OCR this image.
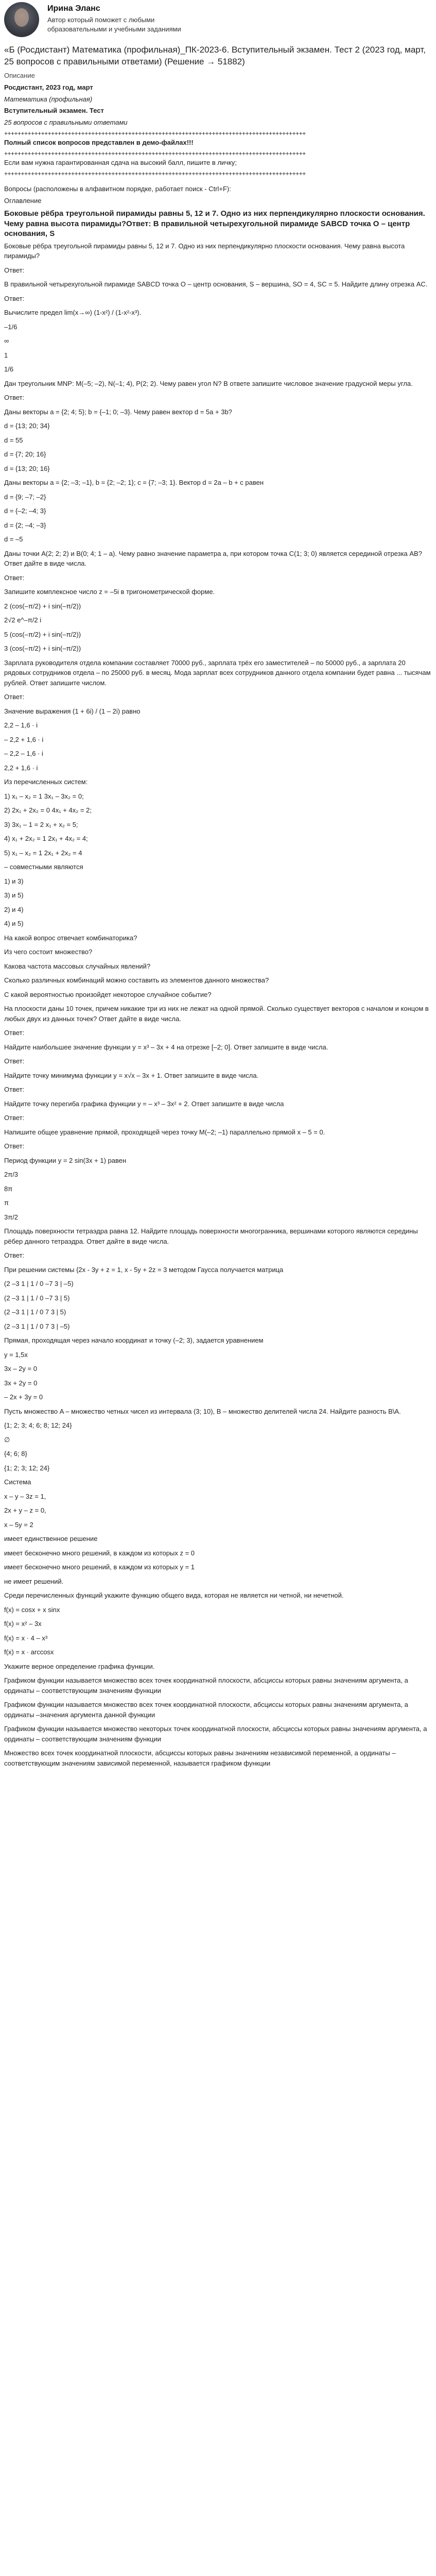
Ирина Эланс
Автор который поможет с любыми образовательными и учебными заданиями
«Б (Росдистант) Математика (профильная)_ПК-2023-6. Вступительный экзамен. Тест 2 (2023 год, март, 25 вопросов с правильными ответами) (Решение → 51882)
Описание
Росдистант, 2023 год, март
Математика (профильная)
Вступительный экзамен. Тест
25 вопросов с правильными ответами
++++++++++++++++++++++++++++++++++++++++++++++++++++++++++++++++++++++++++++++++++++++++++
Полный список вопросов представлен в демо-файлах!!!
++++++++++++++++++++++++++++++++++++++++++++++++++++++++++++++++++++++++++++++++++++++++++
Если вам нужна гарантированная сдача на высокий балл, пишите в личку;
++++++++++++++++++++++++++++++++++++++++++++++++++++++++++++++++++++++++++++++++++++++++++
Вопросы (расположены в алфавитном порядке, работает поиск - Ctrl+F):
Оглавление
Боковые рёбра треугольной пирамиды равны 5, 12 и 7. Одно из них перпендикулярно плоскости основания. Чему равна высота пирамиды?Ответ: В правильной четырехугольной пирамиде SABCD точка O – центр основания, S
Боковые рёбра треугольной пирамиды равны 5, 12 и 7. Одно из них перпендикулярно плоскости основания. Чему равна высота пирамиды?
Ответ:
В правильной четырехугольной пирамиде SABCD точка O – центр основания, S – вершина, SO = 4, SC = 5. Найдите длину отрезка AC.
Ответ:
Вычислите предел lim(x→∞) (1-x²) / (1-x²-x³).
–1/6
∞
1
1/6
Дан треугольник MNP: M(–5; –2), N(–1; 4), P(2; 2). Чему равен угол N? В ответе запишите числовое значение градусной меры угла.
Ответ:
Даны векторы a = {2; 4; 5}; b = {–1; 0; –3}. Чему равен вектор d = 5a + 3b?
d = {13; 20; 34}
d = 55
d = {7; 20; 16}
d = {13; 20; 16}
Даны векторы a = {2; –3; –1}, b = {2; –2; 1}; c = {7; –3; 1}. Вектор d = 2a – b + c равен
d = {9; –7; –2}
d = {–2; –4; 3}
d = {2; –4; –3}
d = –5
Даны точки A(2; 2; 2) и B(0; 4; 1 – a). Чему равно значение параметра a, при котором точка C(1; 3; 0) является серединой отрезка AB? Ответ дайте в виде числа.
Ответ:
Запишите комплексное число z = –5i в тригонометрической форме.
2 (cos(–π/2) + i sin(–π/2))
2√2 e^–π/2 i
5 (cos(–π/2) + i sin(–π/2))
3 (cos(–π/2) + i sin(–π/2))
Зарплата руководителя отдела компании составляет 70000 руб., зарплата трёх его заместителей – по 50000 руб., а зарплата 20 рядовых сотрудников отдела – по 25000 руб. в месяц. Мода зарплат всех сотрудников данного отдела компании будет равна ... тысячам рублей. Ответ запишите числом.
Ответ:
Значение выражения (1 + 6i) / (1 – 2i) равно
2,2 – 1,6 · i
– 2,2 + 1,6 · i
– 2,2 – 1,6 · i
2,2 + 1,6 · i
Из перечисленных систем:
1) x₁ – x₂ = 1 3x₁ – 3x₂ = 0;
2) 2x₁ + 2x₂ = 0 4x₁ + 4x₂ = 2;
3) 3x₁ – 1 = 2 x₁ + x₂ = 5;
4) x₁ + 2x₂ = 1 2x₁ + 4x₂ = 4;
5) x₁ – x₂ = 1 2x₁ + 2x₂ = 4
– совместными являются
1) и 3)
3) и 5)
2) и 4)
4) и 5)
На какой вопрос отвечает комбинаторика?
Из чего состоит множество?
Какова частота массовых случайных явлений?
Сколько различных комбинаций можно составить из элементов данного множества?
С какой вероятностью произойдет некоторое случайное событие?
На плоскости даны 10 точек, причем никакие три из них не лежат на одной прямой. Сколько существует векторов с началом и концом в любых двух из данных точек? Ответ дайте в виде числа.
Ответ:
Найдите наибольшее значение функции y = x³ – 3x + 4 на отрезке [–2; 0]. Ответ запишите в виде числа.
Ответ:
Найдите точку минимума функции y = x√x – 3x + 1. Ответ запишите в виде числа.
Ответ:
Найдите точку перегиба графика функции y = – x³ – 3x² + 2. Ответ запишите в виде числа
Ответ:
Напишите общее уравнение прямой, проходящей через точку M(–2; –1) параллельно прямой x – 5 = 0.
Ответ:
Период функции y = 2 sin(3x + 1) равен
2π/3
8π
π
3π/2
Площадь поверхности тетраэдра равна 12. Найдите площадь поверхности многогранника, вершинами которого являются середины рёбер данного тетраэдра. Ответ дайте в виде числа.
Ответ:
При решении системы {2x - 3y + z = 1, x - 5y + 2z = 3 методом Гаусса получается матрица
(2 –3 1 | 1 / 0 –7 3 | –5)
(2 –3 1 | 1 / 0 –7 3 | 5)
(2 –3 1 | 1 / 0 7 3 | 5)
(2 –3 1 | 1 / 0 7 3 | –5)
Прямая, проходящая через начало координат и точку (–2; 3), задается уравнением
y = 1,5x
3x – 2y = 0
3x + 2y = 0
– 2x + 3y = 0
Пусть множество A – множество четных чисел из интервала (3; 10), B – множество делителей числа 24. Найдите разность B\A.
{1; 2; 3; 4; 6; 8; 12; 24}
∅
{4; 6; 8}
{1; 2; 3; 12; 24}
Система
x – y – 3z = 1,
2x + y – z = 0,
x – 5y = 2
имеет единственное решение
имеет бесконечно много решений, в каждом из которых z = 0
имеет бесконечно много решений, в каждом из которых y = 1
не имеет решений.
Среди перечисленных функций укажите функцию общего вида, которая не является ни четной, ни нечетной.
f(x) = cosx + x sinx
f(x) = x² – 3x
f(x) = x · 4 – x³
f(x) = x · arccosx
Укажите верное определение графика функции.
Графиком функции называется множество всех точек координатной плоскости, абсциссы которых равны значениям аргумента, а ординаты – соответствующим значениям функции
Графиком функции называется множество всех точек координатной плоскости, абсциссы которых равны значениям аргумента, а ординаты –значения аргумента данной функции
Графиком функции называется множество некоторых точек координатной плоскости, абсциссы которых равны значениям аргумента, а ординаты – соответствующим значениям функции
Множество всех точек координатной плоскости, абсциссы которых равны значениям независимой переменной, а ординаты – соответствующим значениям зависимой переменной, называется графиком функции
